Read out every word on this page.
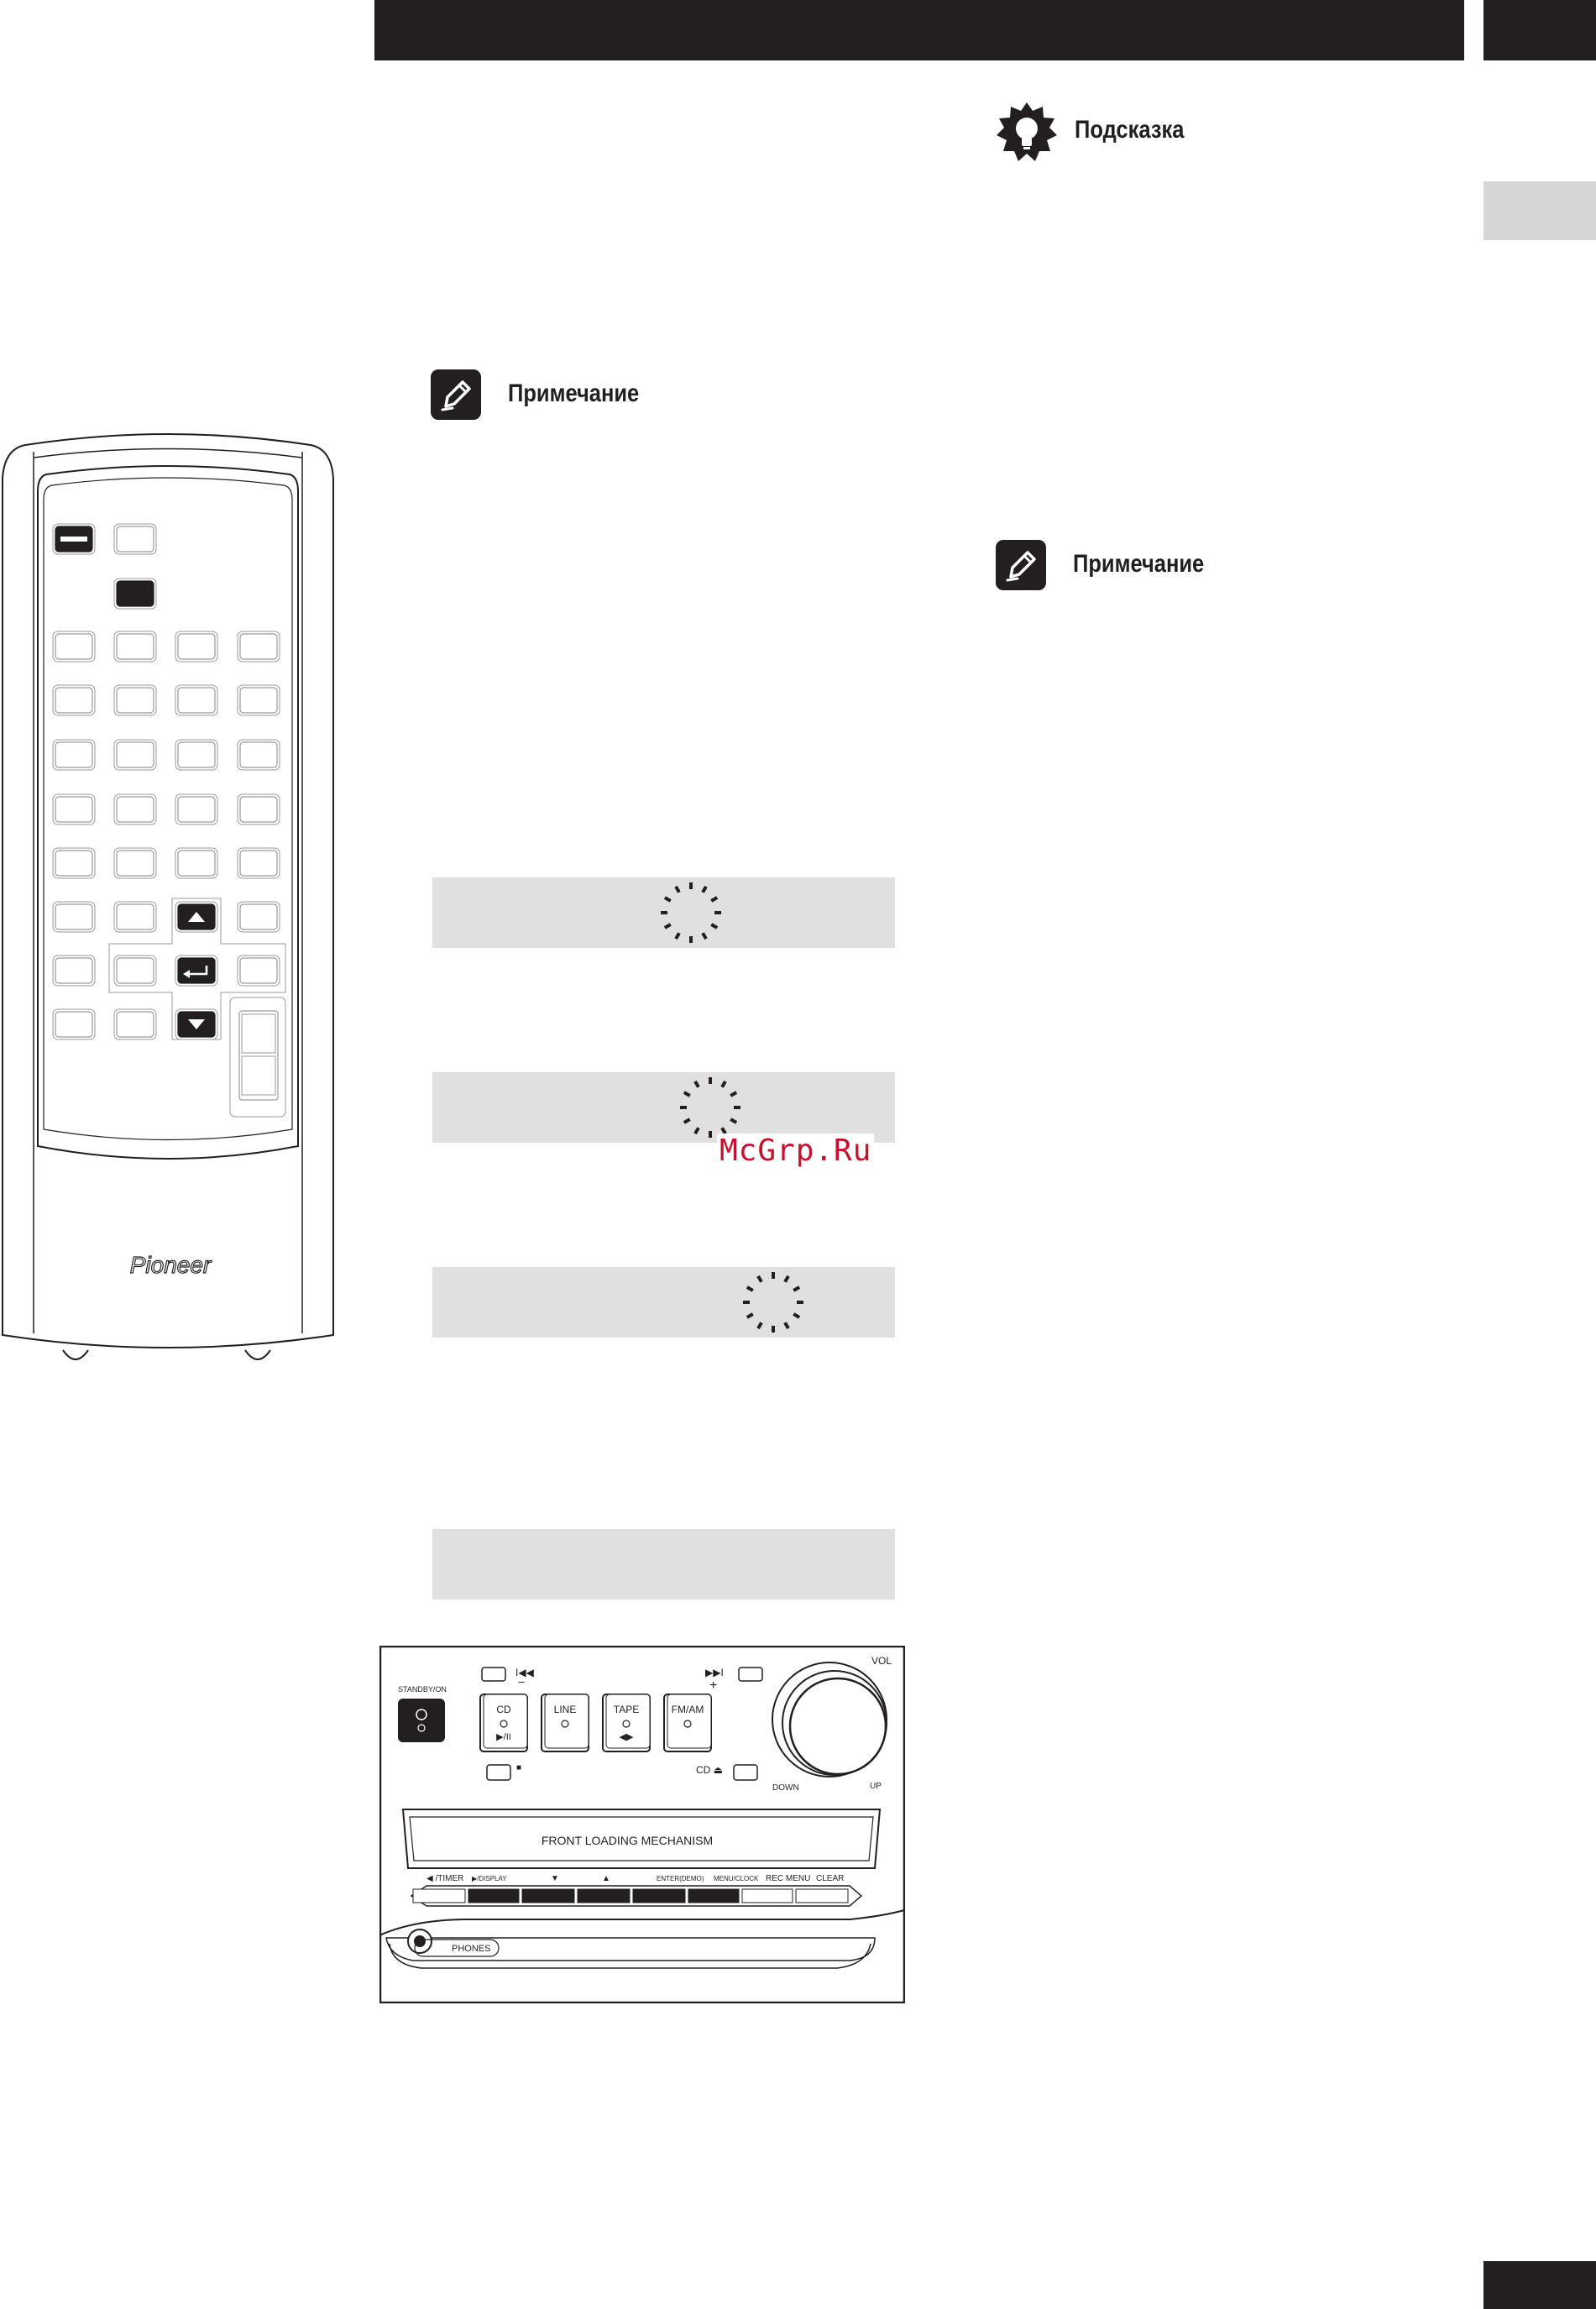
Подсказка
Примечание
Примечание
McGrp.Ru
Pioneer
STANDBY/ON
I◀◀
−
▶▶I
+
CD
▶/II
LINE	TAPE
◀▶
FM/AM
■	CD ⏏
VOL
DOWN	UP
FRONT LOADING MECHANISM
◀ /TIMER ▶/DISPLAY	▼	▲	ENTER(DEMO) MENU/CLOCK REC MENU CLEAR
PHONES
